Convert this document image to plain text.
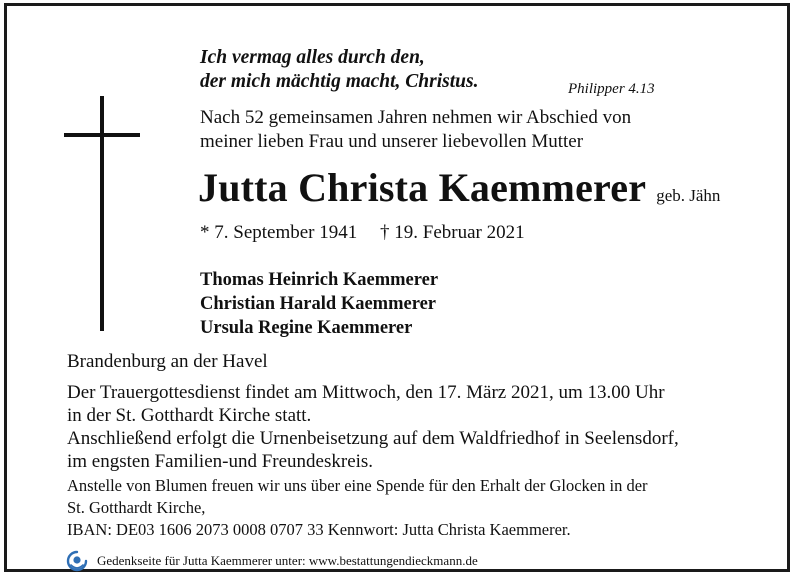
Ich vermag alles durch den,
der mich mächtig macht, Christus.	Philipper 4.13
Nach 52 gemeinsamen Jahren nehmen wir Abschied von
meiner lieben Frau und unserer liebevollen Mutter
Jutta Christa Kaemmerer geb. Jähn
* 7. September 1941 † 19. Februar 2021
Thomas Heinrich Kaemmerer
Christian Harald Kaemmerer
Ursula Regine Kaemmerer
Brandenburg an der Havel
Der Trauergottesdienst findet am Mittwoch, den 17. März 2021, um 13.00 Uhr
in der St. Gotthardt Kirche statt.
Anschließend erfolgt die Urnenbeisetzung auf dem Waldfriedhof in Seelensdorf,
im engsten Familien-und Freundeskreis.
Anstelle von Blumen freuen wir uns über eine Spende für den Erhalt der Glocken in der
St. Gotthardt Kirche,
IBAN: DE03 1606 2073 0008 0707 33 Kennwort: Jutta Christa Kaemmerer.
Gedenkseite für Jutta Kaemmerer unter: www.bestattungendieckmann.de
